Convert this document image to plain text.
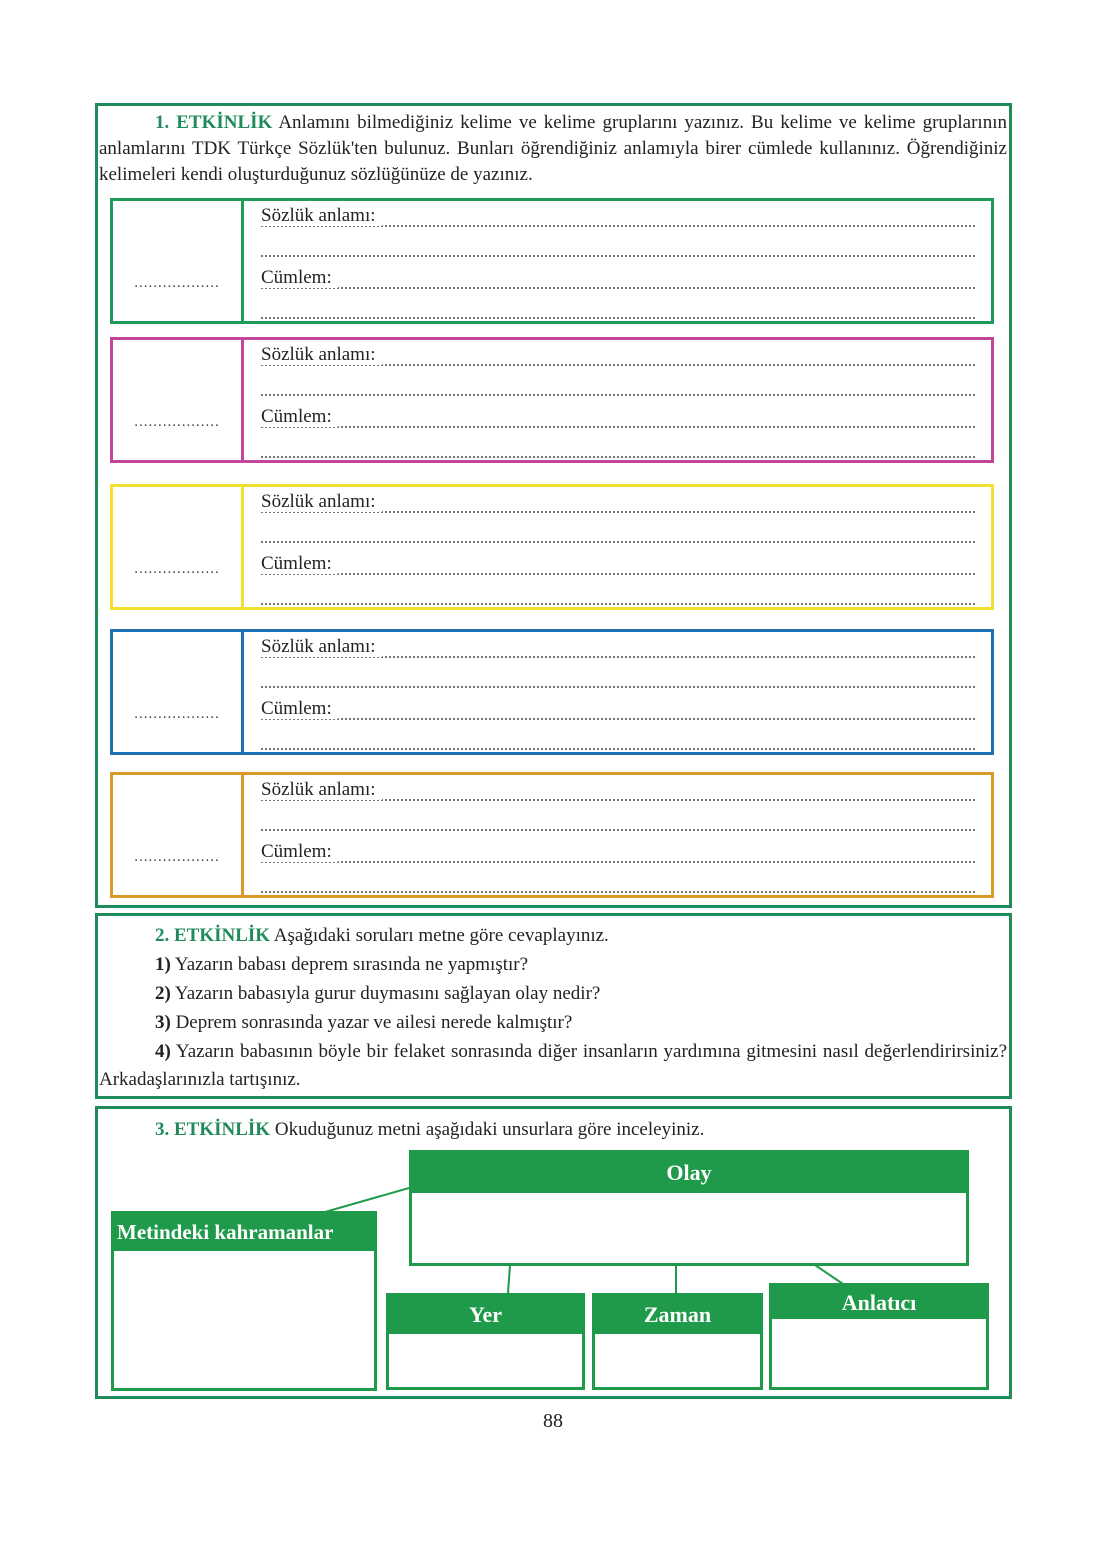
1. ETKİNLİK Anlamını bilmediğiniz kelime ve kelime gruplarını yazınız. Bu kelime ve kelime gruplarının anlamlarını TDK Türkçe Sözlük'ten bulunuz. Bunları öğrendiğiniz anlamıyla birer cümlede kullanınız. Öğrendiğiniz kelimeleri kendi oluşturduğunuz sözlüğünüze de yazınız.
..................
Sözlük anlamı:
Cümlem:
..................
Sözlük anlamı:
Cümlem:
..................
Sözlük anlamı:
Cümlem:
..................
Sözlük anlamı:
Cümlem:
..................
Sözlük anlamı:
Cümlem:
2. ETKİNLİK Aşağıdaki soruları metne göre cevaplayınız.
1) Yazarın babası deprem sırasında ne yapmıştır?
2) Yazarın babasıyla gurur duymasını sağlayan olay nedir?
3) Deprem sonrasında yazar ve ailesi nerede kalmıştır?
4) Yazarın babasının böyle bir felaket sonrasında diğer insanların yardımına gitmesini nasıl değerlendirirsiniz? Arkadaşlarınızla tartışınız.
3. ETKİNLİK Okuduğunuz metni aşağıdaki unsurlara göre inceleyiniz.
Olay
Metindeki kahramanlar
Yer	Zaman	Anlatıcı
88
